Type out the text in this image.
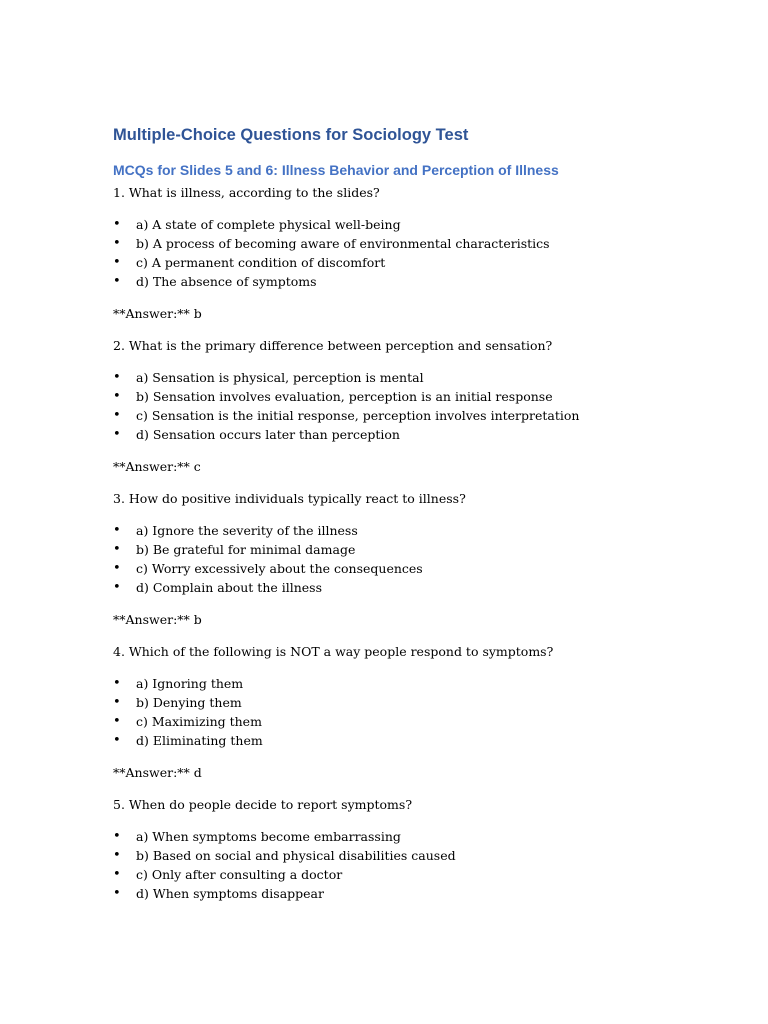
Multiple-Choice Questions for Sociology Test
MCQs for Slides 5 and 6: Illness Behavior and Perception of Illness
1. What is illness, according to the slides?
• a) A state of complete physical well-being
• b) A process of becoming aware of environmental characteristics
• c) A permanent condition of discomfort
• d) The absence of symptoms
**Answer:** b
2. What is the primary difference between perception and sensation?
• a) Sensation is physical, perception is mental
• b) Sensation involves evaluation, perception is an initial response
• c) Sensation is the initial response, perception involves interpretation
• d) Sensation occurs later than perception
**Answer:** c
3. How do positive individuals typically react to illness?
• a) Ignore the severity of the illness
• b) Be grateful for minimal damage
• c) Worry excessively about the consequences
• d) Complain about the illness
**Answer:** b
4. Which of the following is NOT a way people respond to symptoms?
• a) Ignoring them
• b) Denying them
• c) Maximizing them
• d) Eliminating them
**Answer:** d
5. When do people decide to report symptoms?
• a) When symptoms become embarrassing
• b) Based on social and physical disabilities caused
• c) Only after consulting a doctor
• d) When symptoms disappear
